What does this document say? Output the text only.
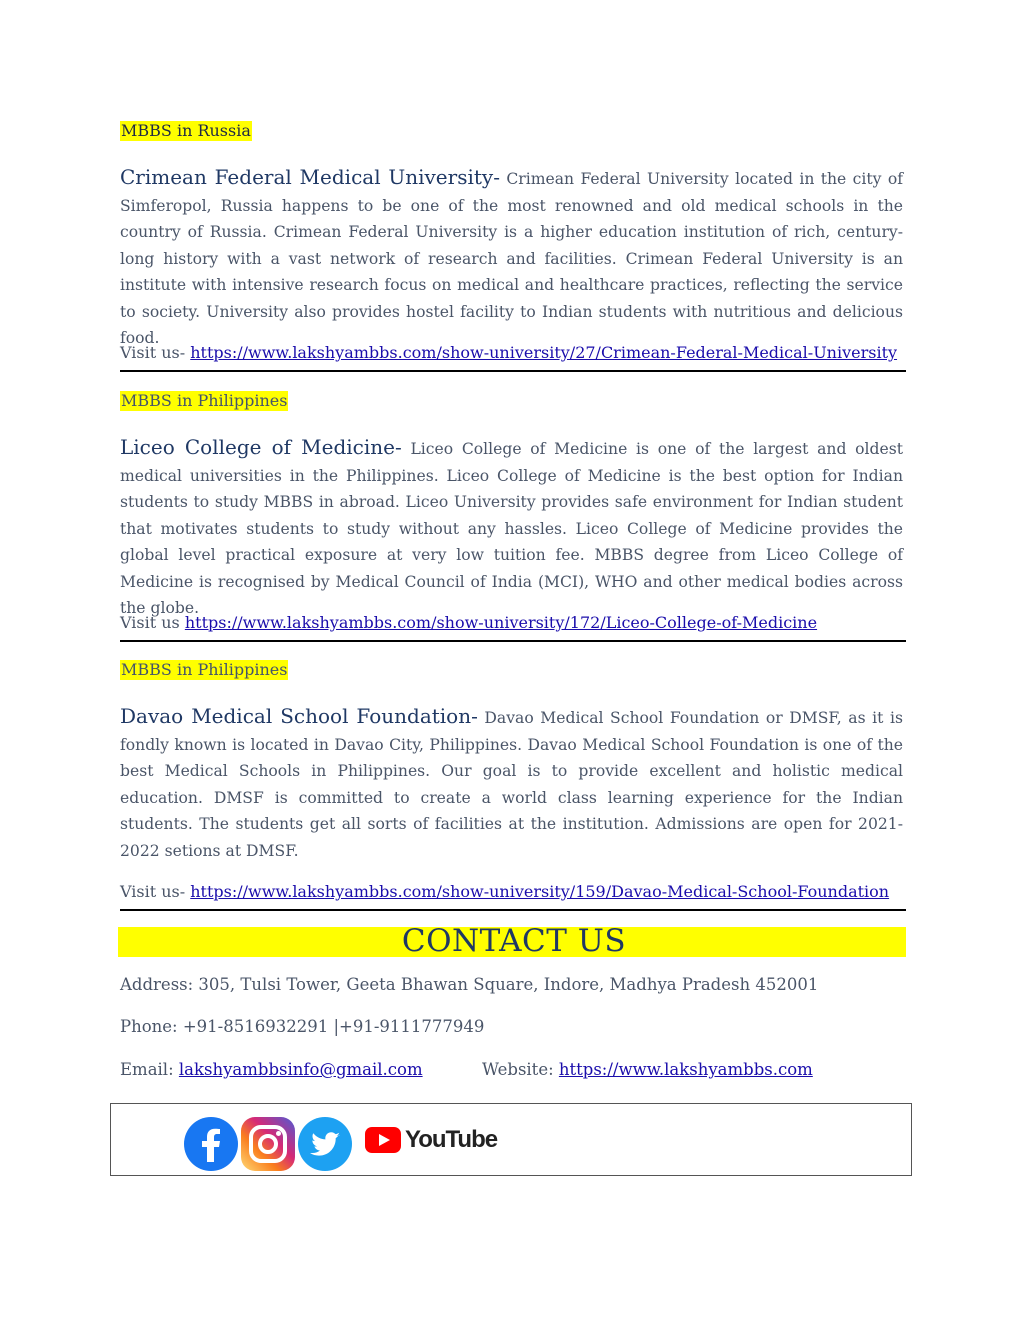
MBBS in Russia
Crimean Federal Medical University- Crimean Federal University located in the city of Simferopol, Russia happens to be one of the most renowned and old medical schools in the country of Russia. Crimean Federal University is a higher education institution of rich, century-long history with a vast network of research and facilities. Crimean Federal University is an institute with intensive research focus on medical and healthcare practices, reflecting the service to society. University also provides hostel facility to Indian students with nutritious and delicious food.
Visit us- https://www.lakshyambbs.com/show-university/27/Crimean-Federal-Medical-University
MBBS in Philippines
Liceo College of Medicine- Liceo College of Medicine is one of the largest and oldest medical universities in the Philippines. Liceo College of Medicine is the best option for Indian students to study MBBS in abroad. Liceo University provides safe environment for Indian student that motivates students to study without any hassles. Liceo College of Medicine provides the global level practical exposure at very low tuition fee. MBBS degree from Liceo College of Medicine is recognised by Medical Council of India (MCI), WHO and other medical bodies across the globe.
Visit us https://www.lakshyambbs.com/show-university/172/Liceo-College-of-Medicine
MBBS in Philippines
Davao Medical School Foundation- Davao Medical School Foundation or DMSF, as it is fondly known is located in Davao City, Philippines. Davao Medical School Foundation is one of the best Medical Schools in Philippines. Our goal is to provide excellent and holistic medical education. DMSF is committed to create a world class learning experience for the Indian students. The students get all sorts of facilities at the institution. Admissions are open for 2021-2022 setions at DMSF.
Visit us- https://www.lakshyambbs.com/show-university/159/Davao-Medical-School-Foundation
CONTACT US
Address: 305, Tulsi Tower, Geeta Bhawan Square, Indore, Madhya Pradesh 452001
Phone: +91-8516932291 |+91-9111777949
Email: lakshyambbsinfo@gmail.com	Website: https://www.lakshyambbs.com
YouTube
